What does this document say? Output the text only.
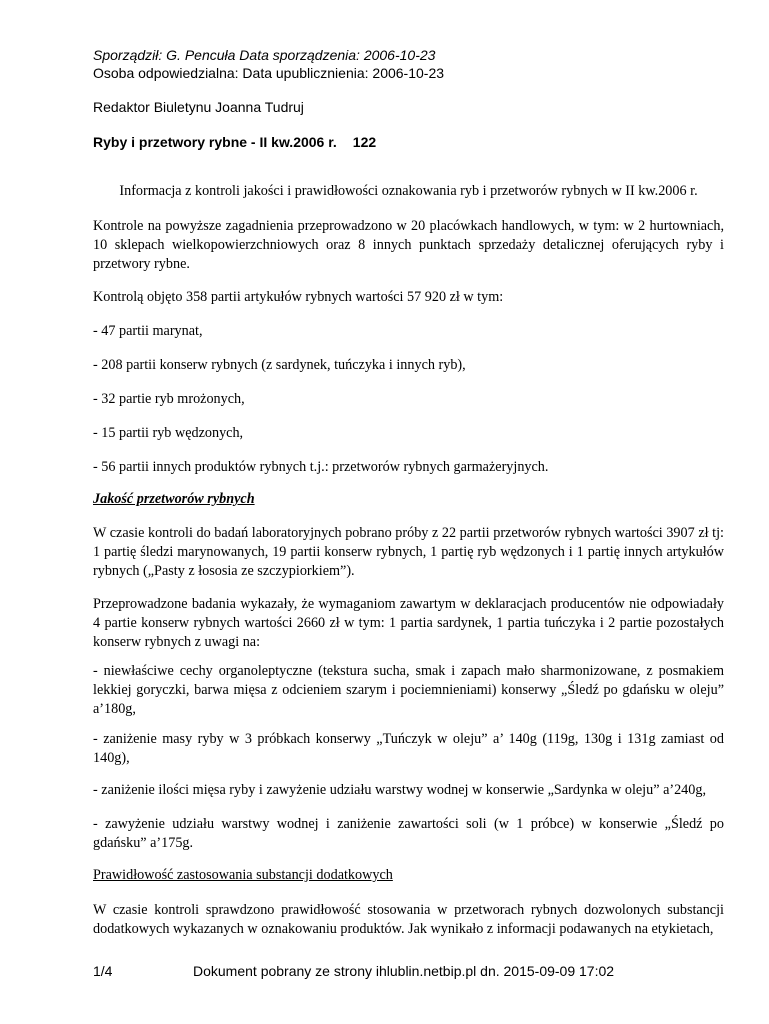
Sporządził: G. Pencuła Data sporządzenia: 2006-10-23
Osoba odpowiedzialna: Data upublicznienia: 2006-10-23
Redaktor Biuletynu Joanna Tudruj
Ryby i przetwory rybne - II kw.2006 r. 122

Informacja z kontroli jakości i prawidłowości oznakowania ryb i przetworów rybnych w II kw.2006 r.

Kontrole na powyższe zagadnienia przeprowadzono w 20 placówkach handlowych, w tym: w 2 hurtowniach, 10 sklepach wielkopowierzchniowych oraz 8 innych punktach sprzedaży detalicznej oferujących ryby i przetwory rybne.

Kontrolą objęto 358 partii artykułów rybnych wartości 57 920 zł w tym:

- 47 partii marynat,

- 208 partii konserw rybnych (z sardynek, tuńczyka i innych ryb),

- 32 partie ryb mrożonych,

- 15 partii ryb wędzonych,

- 56 partii innych produktów rybnych t.j.: przetworów rybnych garmażeryjnych.

Jakość przetworów rybnych

W czasie kontroli do badań laboratoryjnych pobrano próby z 22 partii przetworów rybnych wartości 3907 zł tj: 1 partię śledzi marynowanych, 19 partii konserw rybnych, 1 partię ryb wędzonych i 1 partię innych artykułów rybnych („Pasty z łososia ze szczypiorkiem”).

Przeprowadzone badania wykazały, że wymaganiom zawartym w deklaracjach producentów nie odpowiadały 4 partie konserw rybnych wartości 2660 zł w tym: 1 partia sardynek, 1 partia tuńczyka i 2 partie pozostałych konserw rybnych z uwagi na:

- niewłaściwe cechy organoleptyczne (tekstura sucha, smak i zapach mało sharmonizowane, z posmakiem lekkiej goryczki, barwa mięsa z odcieniem szarym i pociemnieniami) konserwy „Śledź po gdańsku w oleju” a’180g,

- zaniżenie masy ryby w 3 próbkach konserwy „Tuńczyk w oleju” a’ 140g (119g, 130g i 131g zamiast od 140g),

- zaniżenie ilości mięsa ryby i zawyżenie udziału warstwy wodnej w konserwie „Sardynka w oleju” a’240g,

- zawyżenie udziału warstwy wodnej i zaniżenie zawartości soli (w 1 próbce) w konserwie „Śledź po gdańsku” a’175g.

Prawidłowość zastosowania substancji dodatkowych

W czasie kontroli sprawdzono prawidłowość stosowania w przetworach rybnych dozwolonych substancji dodatkowych wykazanych w oznakowaniu produktów. Jak wynikało z informacji podawanych na etykietach,

1/4	Dokument pobrany ze strony ihlublin.netbip.pl dn. 2015-09-09 17:02
